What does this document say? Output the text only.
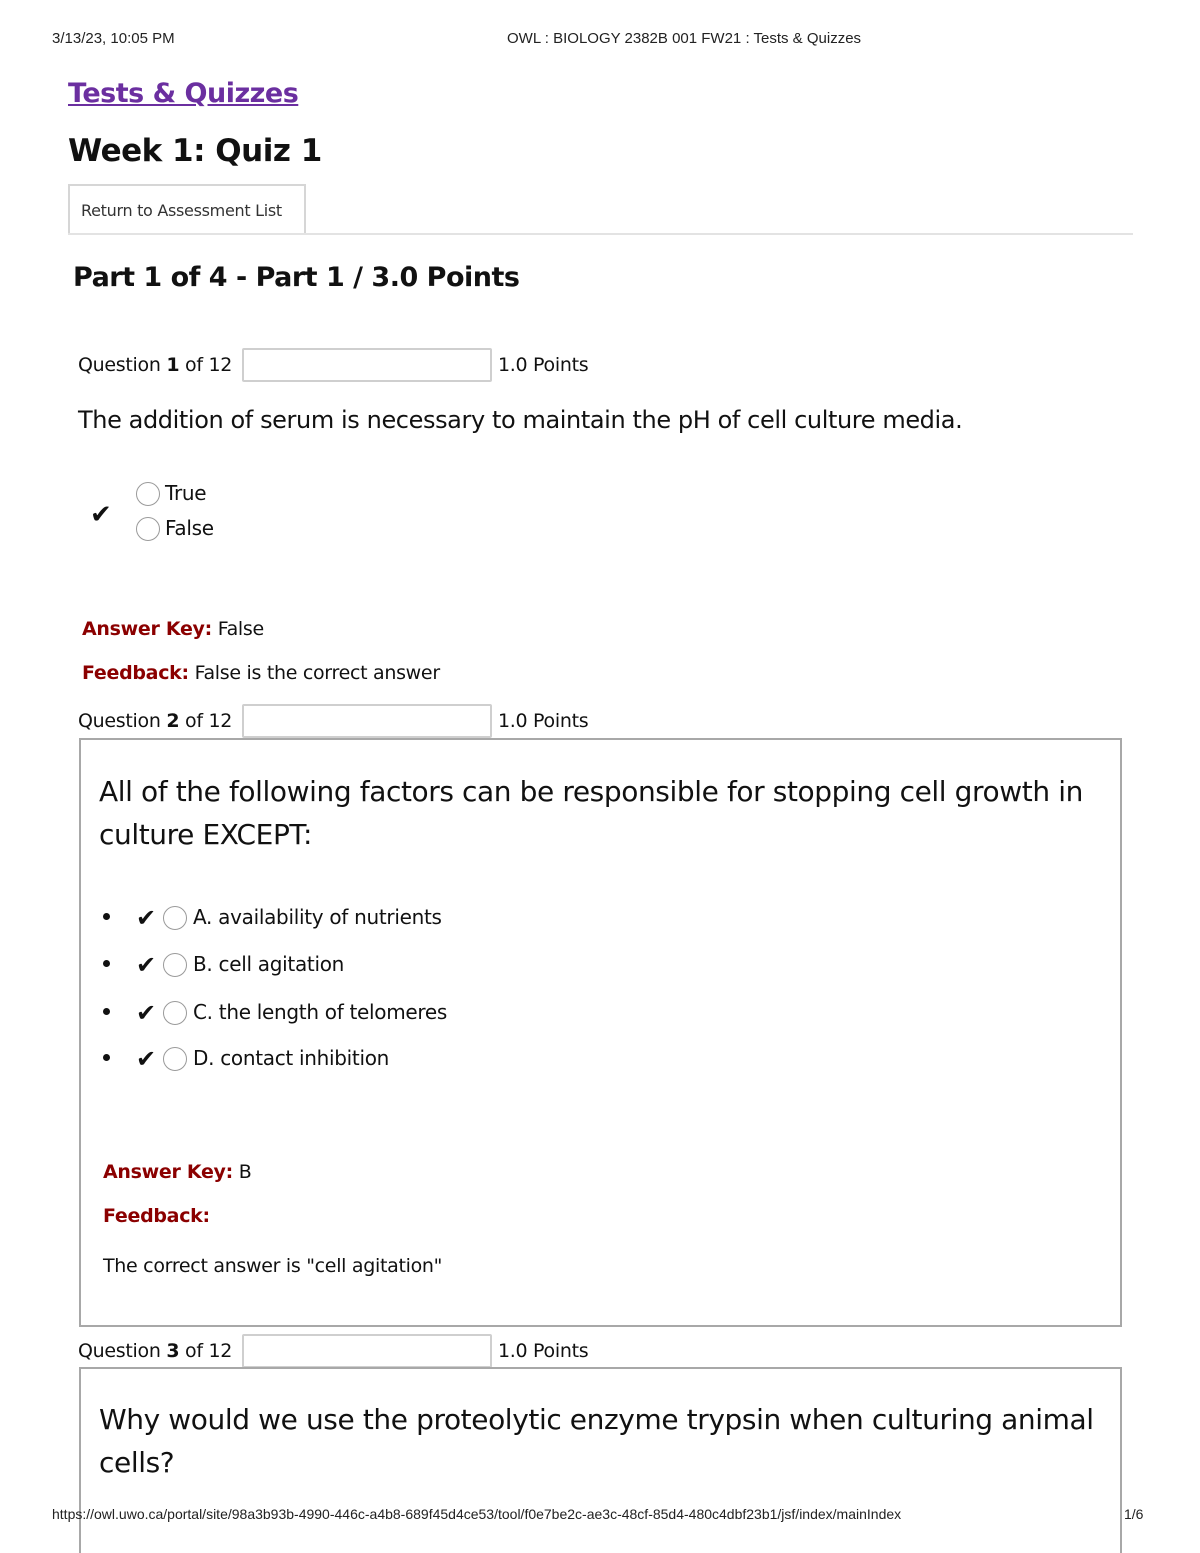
3/13/23, 10:05 PM	OWL : BIOLOGY 2382B 001 FW21 : Tests & Quizzes
Tests & Quizzes
Week 1: Quiz 1
Return to Assessment List
Part 1 of 4 - Part 1 / 3.0 Points
Question 1 of 12	1.0 Points

The addition of serum is necessary to maintain the pH of cell culture media.

✔
True
False
Answer Key: False
Feedback: False is the correct answer
Question 2 of 12	1.0 Points

All of the following factors can be responsible for stopping cell growth in
culture EXCEPT:

✔ A. availability of nutrients
✔ B. cell agitation
✔ C. the length of telomeres
✔ D. contact inhibition
Answer Key: B
Feedback:

The correct answer is "cell agitation"

Question 3 of 12	1.0 Points

Why would we use the proteolytic enzyme trypsin when culturing animal
cells?

https://owl.uwo.ca/portal/site/98a3b93b-4990-446c-a4b8-689f45d4ce53/tool/f0e7be2c-ae3c-48cf-85d4-480c4dbf23b1/jsf/index/mainIndex	1/6
